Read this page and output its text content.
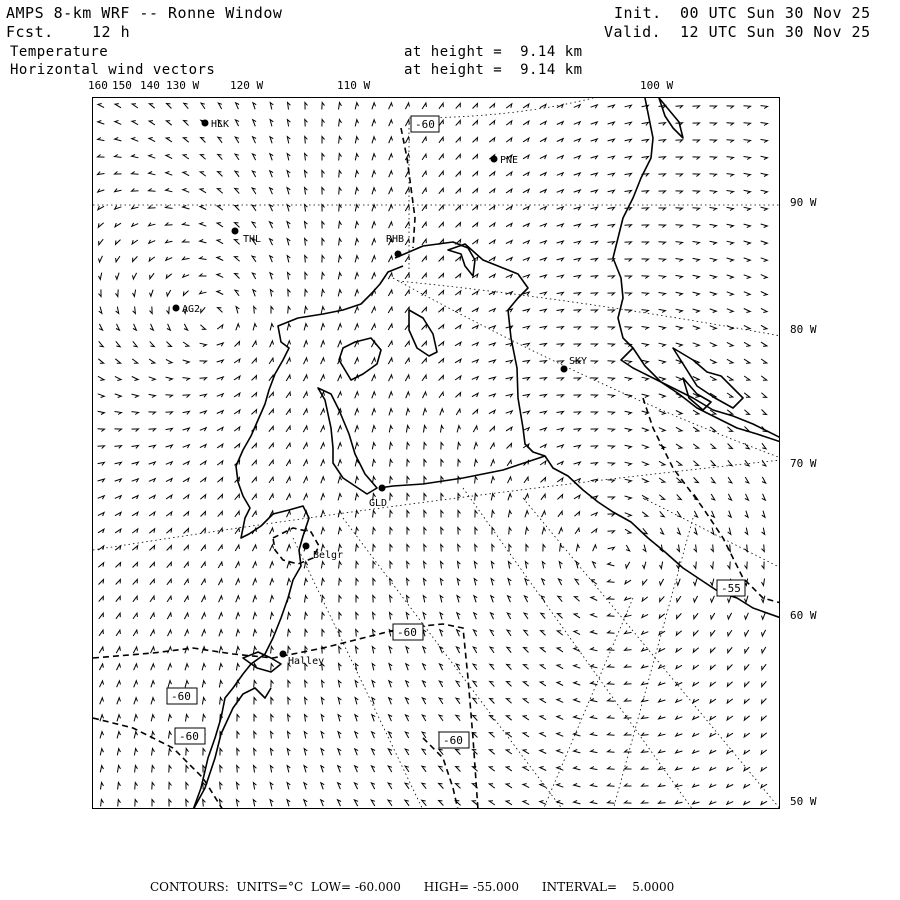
AMPS 8-km WRF -- Ronne Window
Fcst.	12 h
Init. 00 UTC Sun 30 Nov 25
Valid. 12 UTC Sun 30 Nov 25
Temperature	at height =  9.14 km
Horizontal wind vectors	at height =  9.14 km
160 150 140 130 W	120 W	110 W	100 W
90 W
80 W
70 W
60 W
50 W
-60
-60
-55
-60
-60	-60
HLK
PNE
THL	RHB
AG2
SKY
GLD
Belgr
Halley
CONTOURS:  UNITS=°C  LOW= -60.000      HIGH= -55.000      INTERVAL=    5.0000
